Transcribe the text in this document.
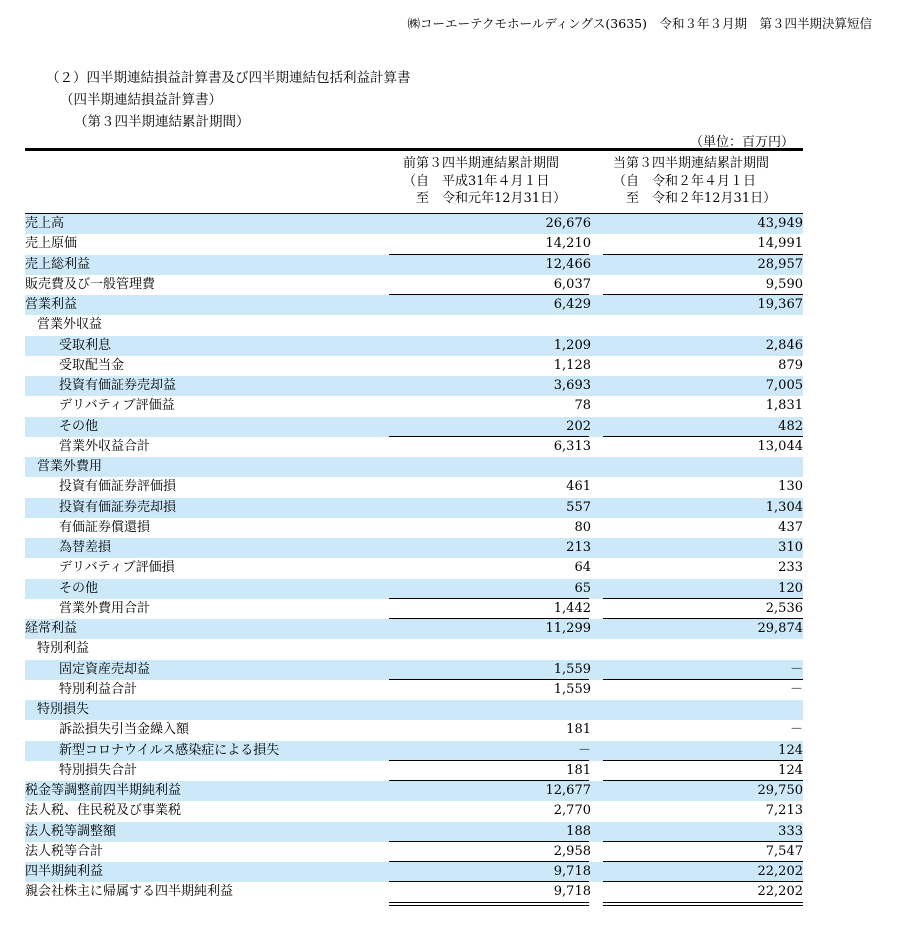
㈱コーエーテクモホールディングス(3635)　令和３年３月期　第３四半期決算短信
（２）四半期連結損益計算書及び四半期連結包括利益計算書
（四半期連結損益計算書）
（第３四半期連結累計期間）
（単位：百万円）
前第３四半期連結累計期間
（自　平成31年４月１日
　至　令和元年12月31日）
当第３四半期連結累計期間
（自　令和２年４月１日
　至　令和２年12月31日）
売上高	26,676	43,949
売上原価	14,210	14,991
売上総利益	12,466	28,957
販売費及び一般管理費	6,037	9,590
営業利益	6,429	19,367
営業外収益
受取利息	1,209	2,846
受取配当金	1,128	879
投資有価証券売却益	3,693	7,005
デリバティブ評価益	78	1,831
その他	202	482
営業外収益合計	6,313	13,044
営業外費用
投資有価証券評価損	461	130
投資有価証券売却損	557	1,304
有価証券償還損	80	437
為替差損	213	310
デリバティブ評価損	64	233
その他	65	120
営業外費用合計	1,442	2,536
経常利益	11,299	29,874
特別利益
固定資産売却益	1,559	－
特別利益合計	1,559	－
特別損失
訴訟損失引当金繰入額	181	－
新型コロナウイルス感染症による損失	－	124
特別損失合計	181	124
税金等調整前四半期純利益	12,677	29,750
法人税、住民税及び事業税	2,770	7,213
法人税等調整額	188	333
法人税等合計	2,958	7,547
四半期純利益	9,718	22,202
親会社株主に帰属する四半期純利益	9,718	22,202
